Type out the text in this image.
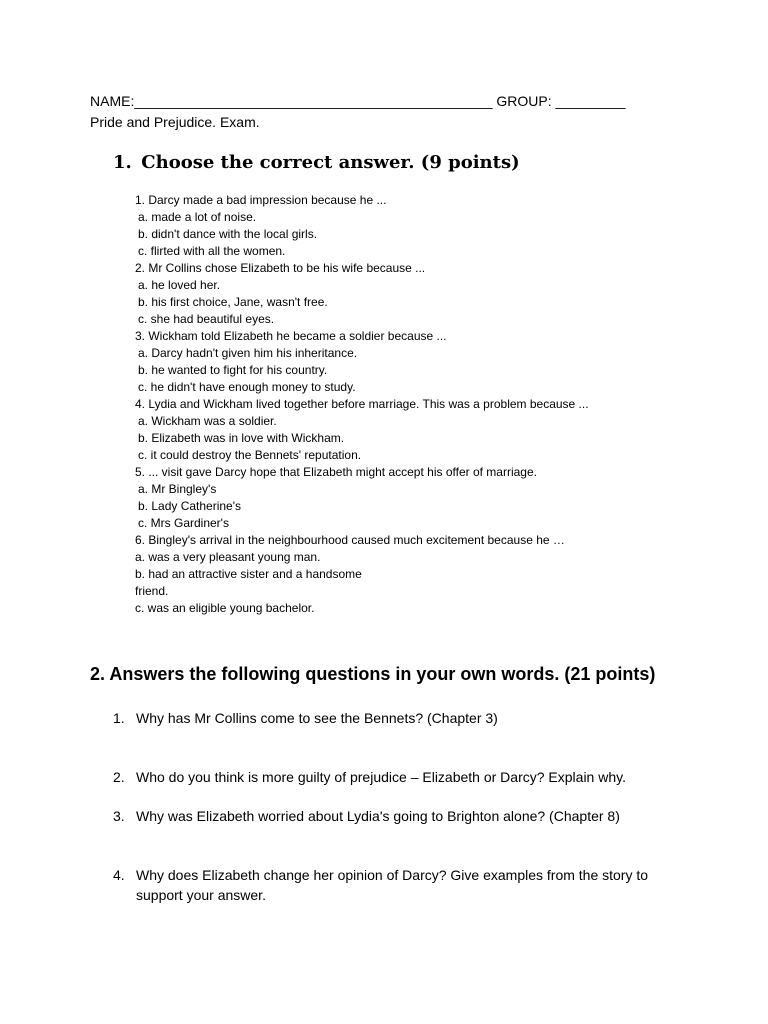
NAME:______________________________________________ GROUP: _________
Pride and Prejudice. Exam.
1. Choose the correct answer. (9 points)
1. Darcy made a bad impression because he ...
a. made a lot of noise.
b. didn't dance with the local girls.
c. flirted with all the women.
2. Mr Collins chose Elizabeth to be his wife because ...
a. he loved her.
b. his first choice, Jane, wasn't free.
c. she had beautiful eyes.
3. Wickham told Elizabeth he became a soldier because ...
a. Darcy hadn't given him his inheritance.
b. he wanted to fight for his country.
c. he didn't have enough money to study.
4. Lydia and Wickham lived together before marriage. This was a problem because ...
a. Wickham was a soldier.
b. Elizabeth was in love with Wickham.
c. it could destroy the Bennets' reputation.
5. ... visit gave Darcy hope that Elizabeth might accept his offer of marriage.
a. Mr Bingley's
b. Lady Catherine's
c. Mrs Gardiner's
6. Bingley's arrival in the neighbourhood caused much excitement because he …
a. was a very pleasant young man.
b. had an attractive sister and a handsome
friend.
c. was an eligible young bachelor.
2. Answers the following questions in your own words. (21 points)
1. Why has Mr Collins come to see the Bennets? (Chapter 3)
2. Who do you think is more guilty of prejudice – Elizabeth or Darcy? Explain why.
3. Why was Elizabeth worried about Lydia's going to Brighton alone? (Chapter 8)
4. Why does Elizabeth change her opinion of Darcy? Give examples from the story to support your answer.
